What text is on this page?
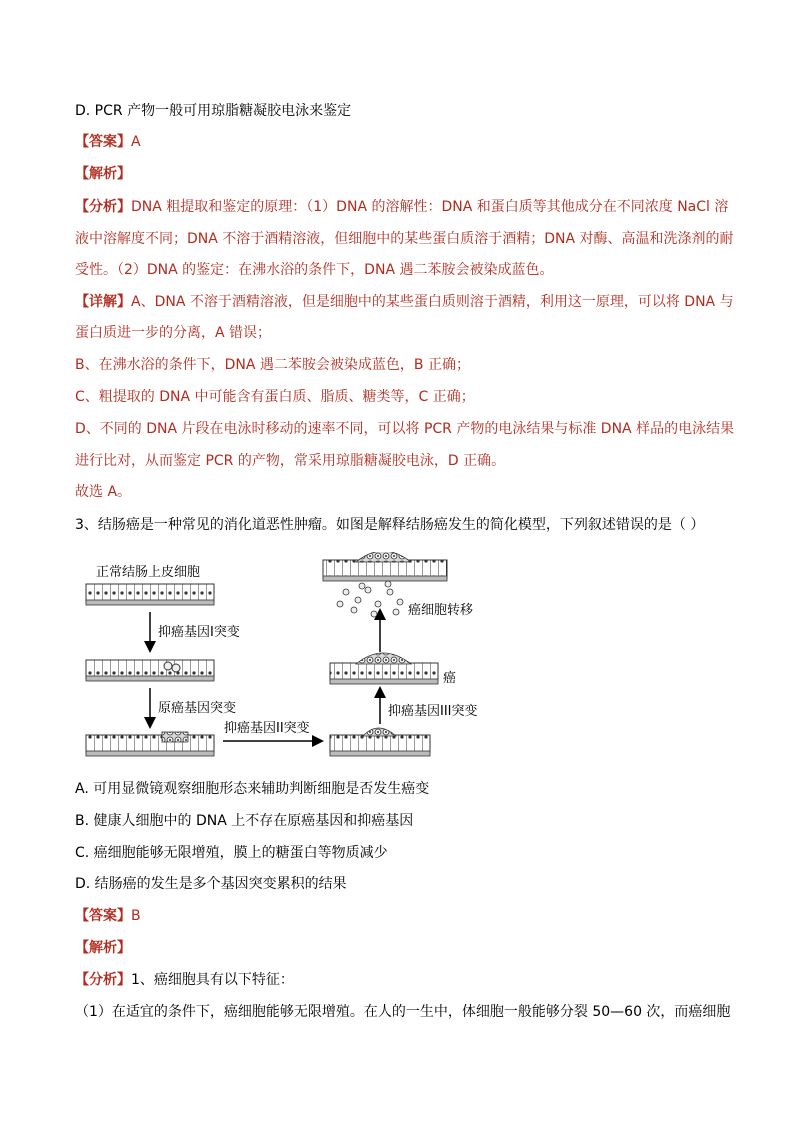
D. PCR 产物一般可用琼脂糖凝胶电泳来鉴定
【答案】A
【解析】
【分析】DNA 粗提取和鉴定的原理：（1）DNA 的溶解性：DNA 和蛋白质等其他成分在不同浓度 NaCl 溶
液中溶解度不同；DNA 不溶于酒精溶液，但细胞中的某些蛋白质溶于酒精；DNA 对酶、高温和洗涤剂的耐
受性。（2）DNA 的鉴定：在沸水浴的条件下，DNA 遇二苯胺会被染成蓝色。
【详解】A、DNA 不溶于酒精溶液，但是细胞中的某些蛋白质则溶于酒精，利用这一原理，可以将 DNA 与
蛋白质进一步的分离，A 错误；
B、在沸水浴的条件下，DNA 遇二苯胺会被染成蓝色，B 正确；
C、粗提取的 DNA 中可能含有蛋白质、脂质、糖类等，C 正确；
D、不同的 DNA 片段在电泳时移动的速率不同，可以将 PCR 产物的电泳结果与标准 DNA 样品的电泳结果
进行比对，从而鉴定 PCR 的产物，常采用琼脂糖凝胶电泳，D 正确。
故选 A。
3、结肠癌是一种常见的消化道恶性肿瘤。如图是解释结肠癌发生的简化模型，下列叙述错误的是（ ）
正常结肠上皮细胞
抑癌基因I突变
原癌基因突变
抑癌基因II突变
抑癌基因III突变
癌
癌细胞转移
A. 可用显微镜观察细胞形态来辅助判断细胞是否发生癌变
B. 健康人细胞中的 DNA 上不存在原癌基因和抑癌基因
C. 癌细胞能够无限增殖，膜上的糖蛋白等物质减少
D. 结肠癌的发生是多个基因突变累积的结果
【答案】B
【解析】
【分析】1、癌细胞具有以下特征：
（1）在适宜的条件下，癌细胞能够无限增殖。在人的一生中，体细胞一般能够分裂 50—60 次，而癌细胞
